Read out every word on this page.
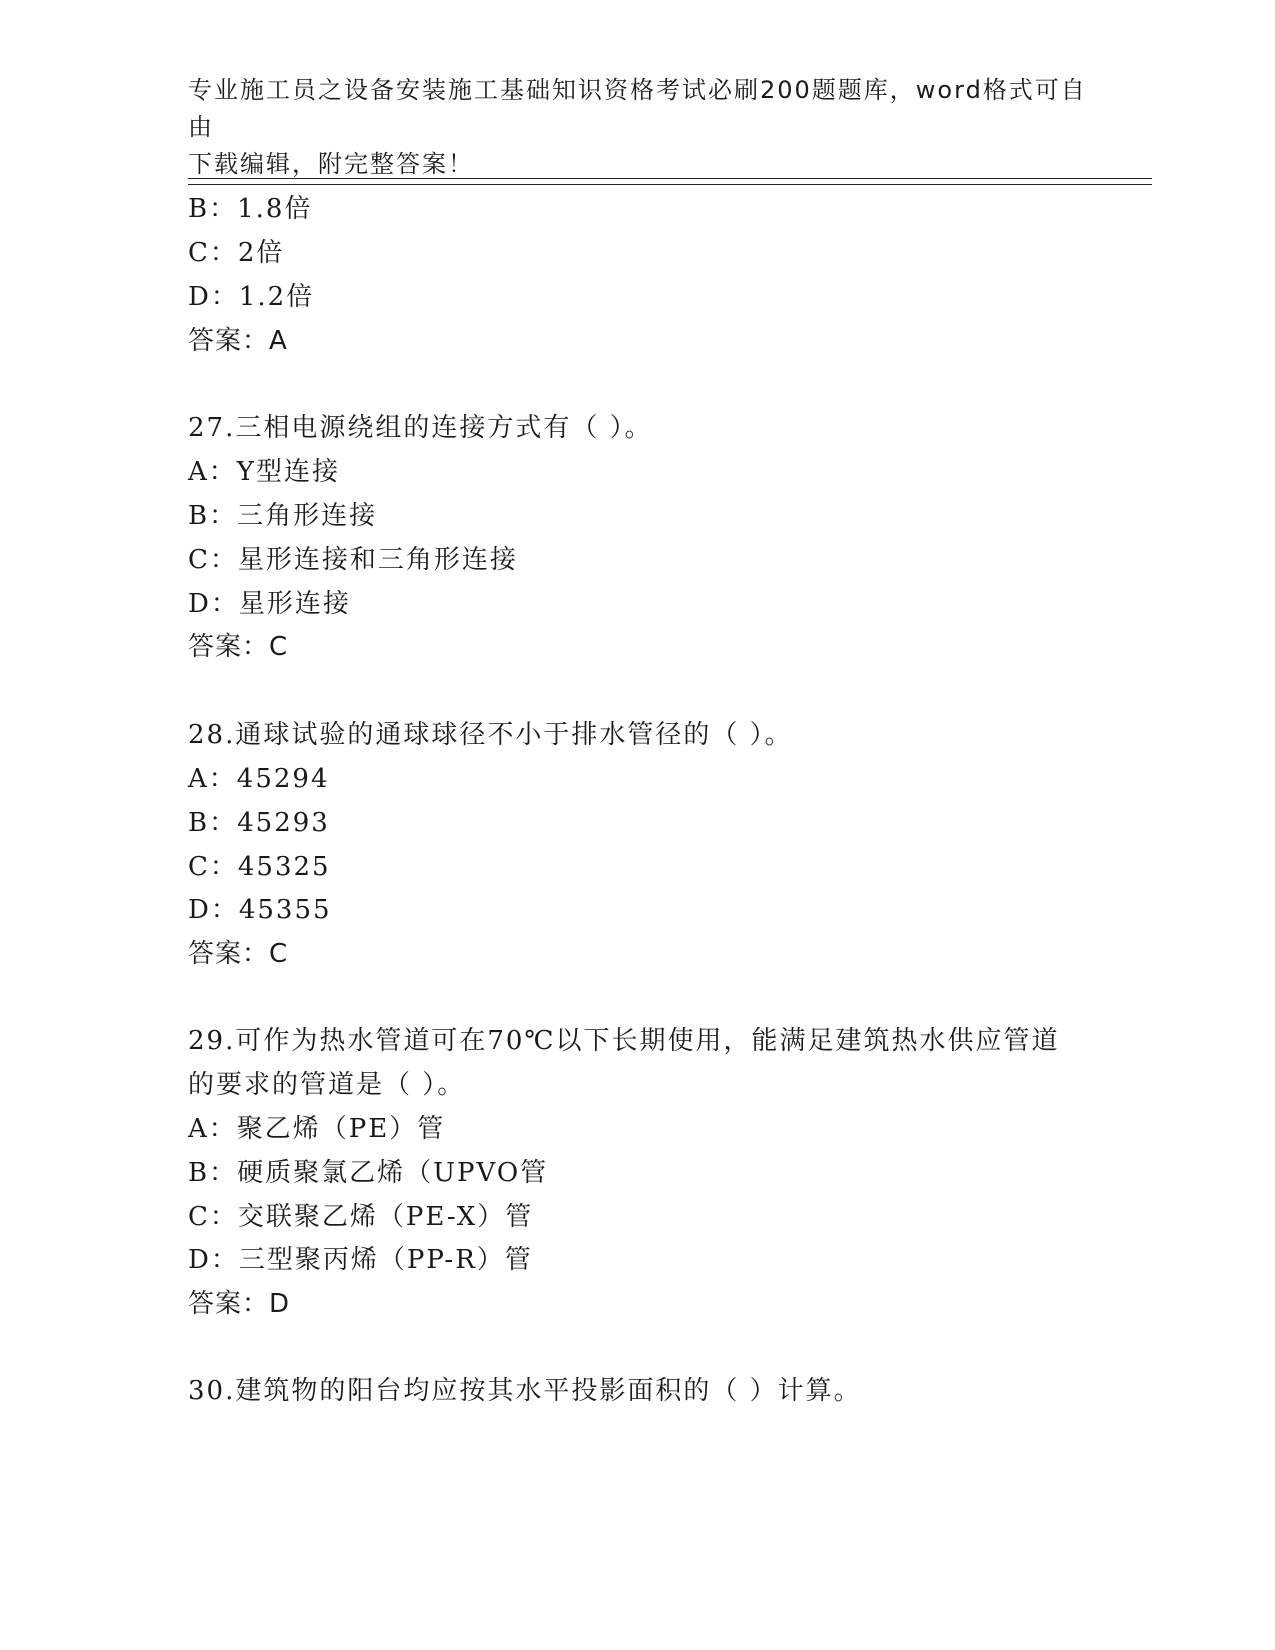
专业施工员之设备安装施工基础知识资格考试必刷200题题库，word格式可自由
下载编辑，附完整答案！
B：1.8倍
C：2倍
D：1.2倍
答案：A
27.三相电源绕组的连接方式有（ ）。
A：Y型连接
B：三角形连接
C：星形连接和三角形连接
D：星形连接
答案：C
28.通球试验的通球球径不小于排水管径的（ ）。
A：45294
B：45293
C：45325
D：45355
答案：C
29.可作为热水管道可在70℃以下长期使用，能满足建筑热水供应管道
的要求的管道是（ ）。
A：聚乙烯（PE）管
B：硬质聚氯乙烯（UPVO管
C：交联聚乙烯（PE-X）管
D：三型聚丙烯（PP-R）管
答案：D
30.建筑物的阳台均应按其水平投影面积的（ ）计算。
